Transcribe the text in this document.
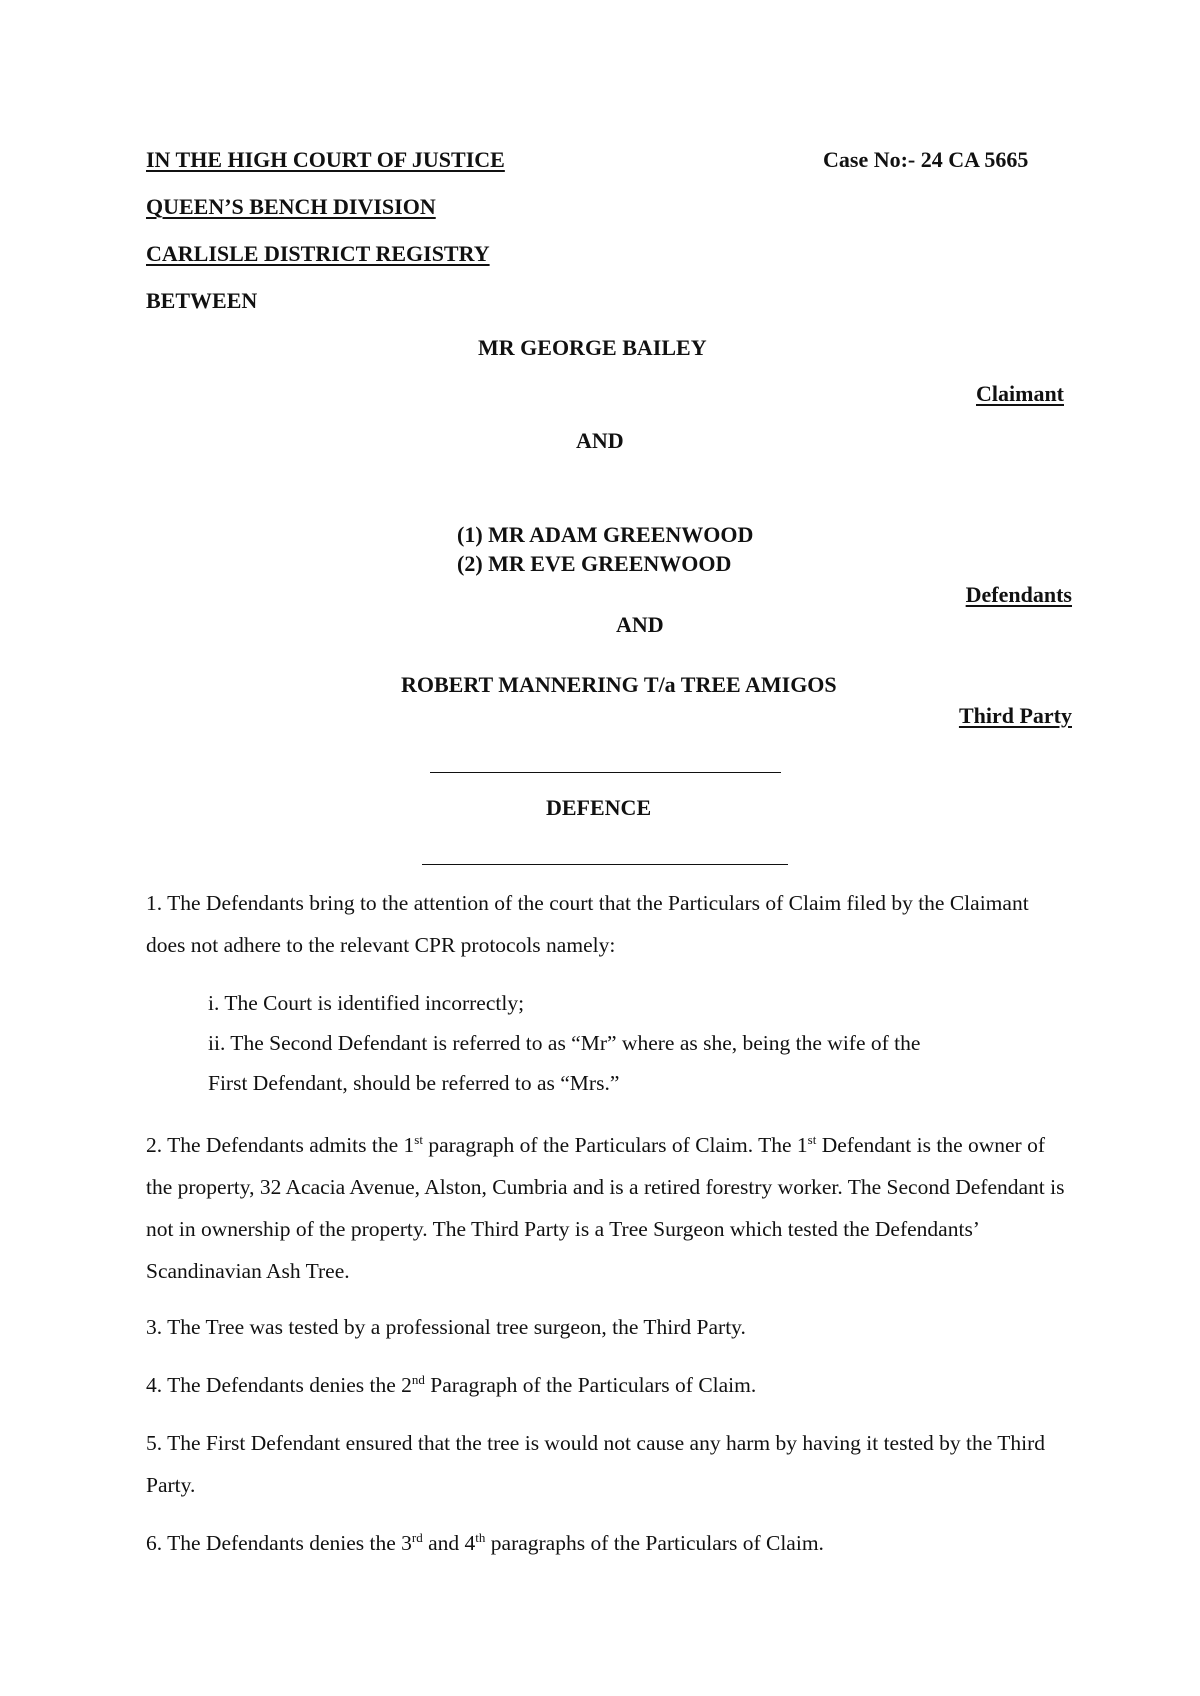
IN THE HIGH COURT OF JUSTICE	Case No:- 24 CA 5665
QUEEN’S BENCH DIVISION
CARLISLE DISTRICT REGISTRY
BETWEEN
MR GEORGE BAILEY
Claimant
AND
(1) MR ADAM GREENWOOD
(2) MR EVE GREENWOOD
Defendants
AND
ROBERT MANNERING T/a TREE AMIGOS
Third Party
DEFENCE
1. The Defendants bring to the attention of the court that the Particulars of Claim filed by the Claimant does not adhere to the relevant CPR protocols namely:
i. The Court is identified incorrectly;
ii. The Second Defendant is referred to as “Mr” where as she, being the wife of the
First Defendant, should be referred to as “Mrs.”
2. The Defendants admits the 1st paragraph of the Particulars of Claim. The 1st Defendant is the owner of the property, 32 Acacia Avenue, Alston, Cumbria and is a retired forestry worker. The Second Defendant is not in ownership of the property. The Third Party is a Tree Surgeon which tested the Defendants’ Scandinavian Ash Tree.
3. The Tree was tested by a professional tree surgeon, the Third Party.
4. The Defendants denies the 2nd Paragraph of the Particulars of Claim.
5. The First Defendant ensured that the tree is would not cause any harm by having it tested by the Third Party.
6. The Defendants denies the 3rd and 4th paragraphs of the Particulars of Claim.
